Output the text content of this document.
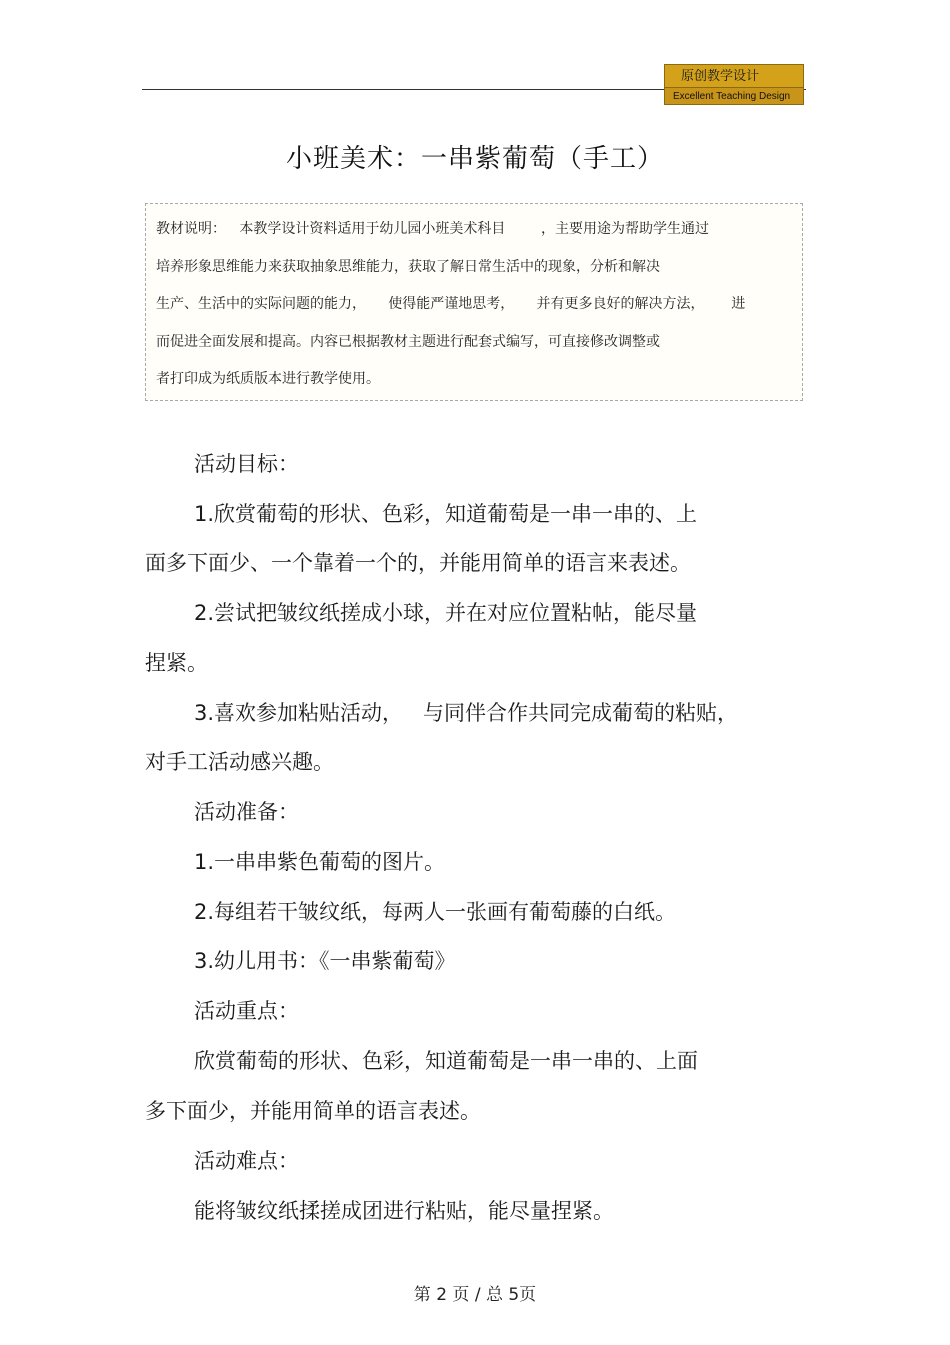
原创教学设计
Excellent Teaching Design
小班美术：一串紫葡萄（手工）
教材说明：   本教学设计资料适用于幼儿园小班美术科目        ，主要用途为帮助学生通过
培养形象思维能力来获取抽象思维能力，获取了解日常生活中的现象，分析和解决
生产、生活中的实际问题的能力，     使得能严谨地思考，     并有更多良好的解决方法，      进
而促进全面发展和提高。内容已根据教材主题进行配套式编写，可直接修改调整或
者打印成为纸质版本进行教学使用。
活动目标：
1.欣赏葡萄的形状、色彩，知道葡萄是一串一串的、上
面多下面少、一个靠着一个的，并能用简单的语言来表述。
2.尝试把皱纹纸搓成小球，并在对应位置粘帖，能尽量
捏紧。
3.喜欢参加粘贴活动，   与同伴合作共同完成葡萄的粘贴，
对手工活动感兴趣。
活动准备：
1.一串串紫色葡萄的图片。
2.每组若干皱纹纸，每两人一张画有葡萄藤的白纸。
3.幼儿用书：《一串紫葡萄》
活动重点：
欣赏葡萄的形状、色彩，知道葡萄是一串一串的、上面
多下面少，并能用简单的语言表述。
活动难点：
能将皱纹纸揉搓成团进行粘贴，能尽量捏紧。
第 2 页 / 总 5页
